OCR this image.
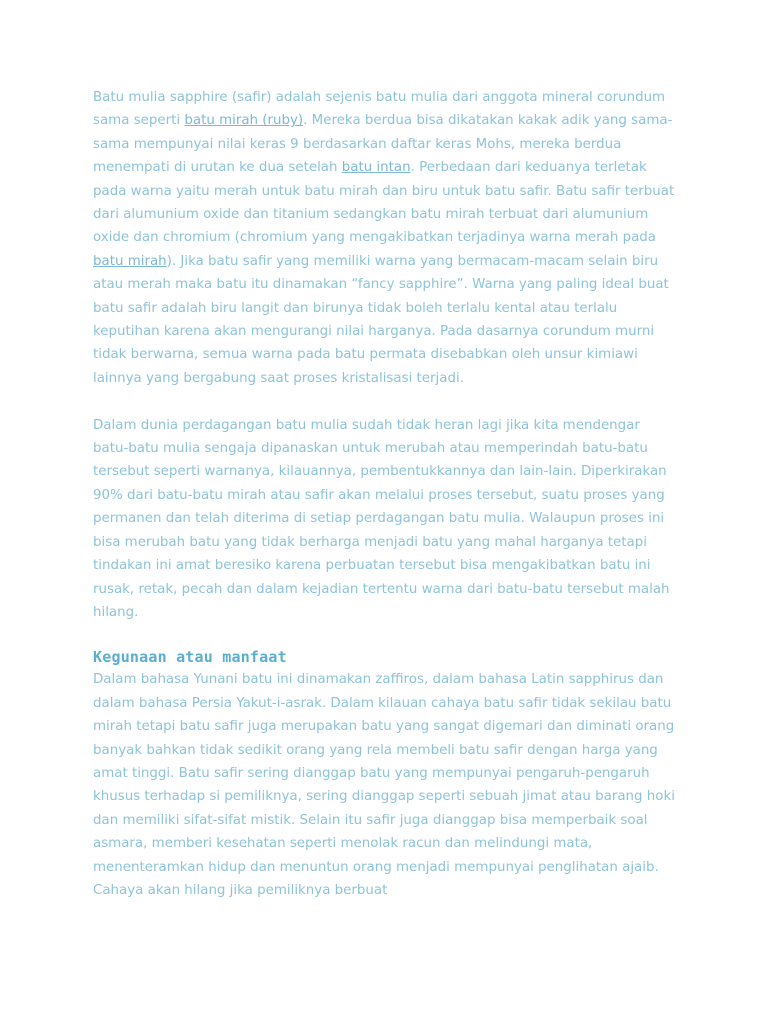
Batu mulia sapphire (safir) adalah sejenis batu mulia dari anggota mineral corundum sama seperti batu mirah (ruby). Mereka berdua bisa dikatakan kakak adik yang sama-sama mempunyai nilai keras 9 berdasarkan daftar keras Mohs, mereka berdua menempati di urutan ke dua setelah batu intan. Perbedaan dari keduanya terletak pada warna yaitu merah untuk batu mirah dan biru untuk batu safir. Batu safir terbuat dari alumunium oxide dan titanium sedangkan batu mirah terbuat dari alumunium oxide dan chromium (chromium yang mengakibatkan terjadinya warna merah pada batu mirah). Jika batu safir yang memiliki warna yang bermacam-macam selain biru atau merah maka batu itu dinamakan “fancy sapphire”. Warna yang paling ideal buat batu safir adalah biru langit dan birunya tidak boleh terlalu kental atau terlalu keputihan karena akan mengurangi nilai harganya. Pada dasarnya corundum murni tidak berwarna, semua warna pada batu permata disebabkan oleh unsur kimiawi lainnya yang bergabung saat proses kristalisasi terjadi.

Dalam dunia perdagangan batu mulia sudah tidak heran lagi jika kita mendengar batu-batu mulia sengaja dipanaskan untuk merubah atau memperindah batu-batu tersebut seperti warnanya, kilauannya, pembentukkannya dan lain-lain. Diperkirakan 90% dari batu-batu mirah atau safir akan melalui proses tersebut, suatu proses yang permanen dan telah diterima di setiap perdagangan batu mulia. Walaupun proses ini bisa merubah batu yang tidak berharga menjadi batu yang mahal harganya tetapi tindakan ini amat beresiko karena perbuatan tersebut bisa mengakibatkan batu ini rusak, retak, pecah dan dalam kejadian tertentu warna dari batu-batu tersebut malah hilang.

Kegunaan atau manfaat

Dalam bahasa Yunani batu ini dinamakan zaffiros, dalam bahasa Latin sapphirus dan dalam bahasa Persia Yakut-i-asrak. Dalam kilauan cahaya batu safir tidak sekilau batu mirah tetapi batu safir juga merupakan batu yang sangat digemari dan diminati orang banyak bahkan tidak sedikit orang yang rela membeli batu safir dengan harga yang amat tinggi. Batu safir sering dianggap batu yang mempunyai pengaruh-pengaruh khusus terhadap si pemiliknya, sering dianggap seperti sebuah jimat atau barang hoki dan memiliki sifat-sifat mistik. Selain itu safir juga dianggap bisa memperbaik soal asmara, memberi kesehatan seperti menolak racun dan melindungi mata, menenteramkan hidup dan menuntun orang menjadi mempunyai penglihatan ajaib. Cahaya akan hilang jika pemiliknya berbuat
